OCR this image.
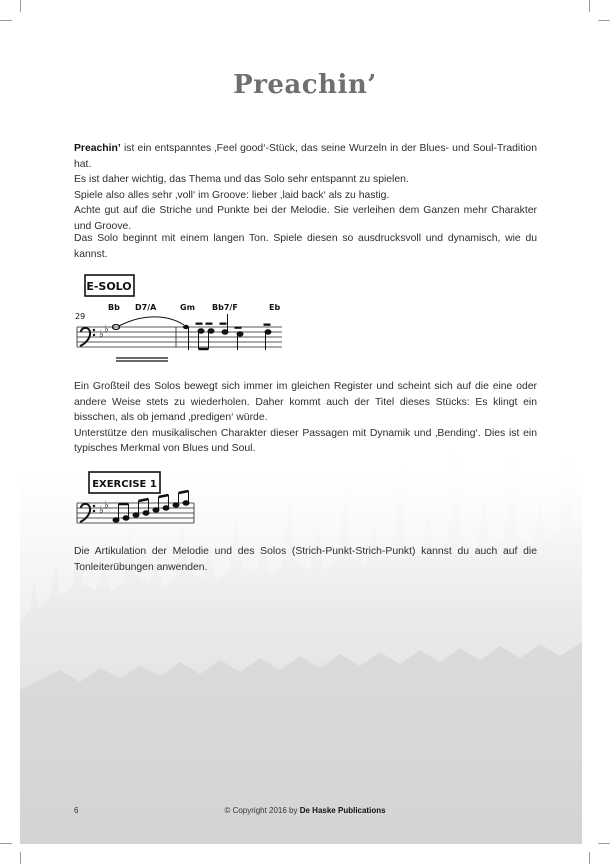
Preachin’

Preachin’ ist ein entspanntes ‚Feel good‘-Stück, das seine Wurzeln in der Blues- und Soul-Tradition hat.

Es ist daher wichtig, das Thema und das Solo sehr entspannt zu spielen.

Spiele also alles sehr ‚voll‘ im Groove: lieber ‚laid back‘ als zu hastig.

Achte gut auf die Striche und Punkte bei der Melodie. Sie verleihen dem Ganzen mehr Charakter und Groove.

Das Solo beginnt mit einem langen Ton. Spiele diesen so ausdrucksvoll und dynamisch, wie du kannst.
E-SOLO
29
Bb D7/A	Gm Bb7/F	Eb
♭ ♭

Ein Großteil des Solos bewegt sich immer im gleichen Register und scheint sich auf die eine oder andere Weise stets zu wiederholen. Daher kommt auch der Titel dieses Stücks: Es klingt ein bisschen, als ob jemand ‚predigen‘ würde.

Unterstütze den musikalischen Charakter dieser Passagen mit Dynamik und ‚Bending‘. Dies ist ein typisches Merkmal von Blues und Soul.

EXERCISE 1
♭ ♭
Die Artikulation der Melodie und des Solos (Strich-Punkt-Strich-Punkt) kannst du auch auf die Tonleiterübungen anwenden.
6	© Copyright 2016 by De Haske Publications
